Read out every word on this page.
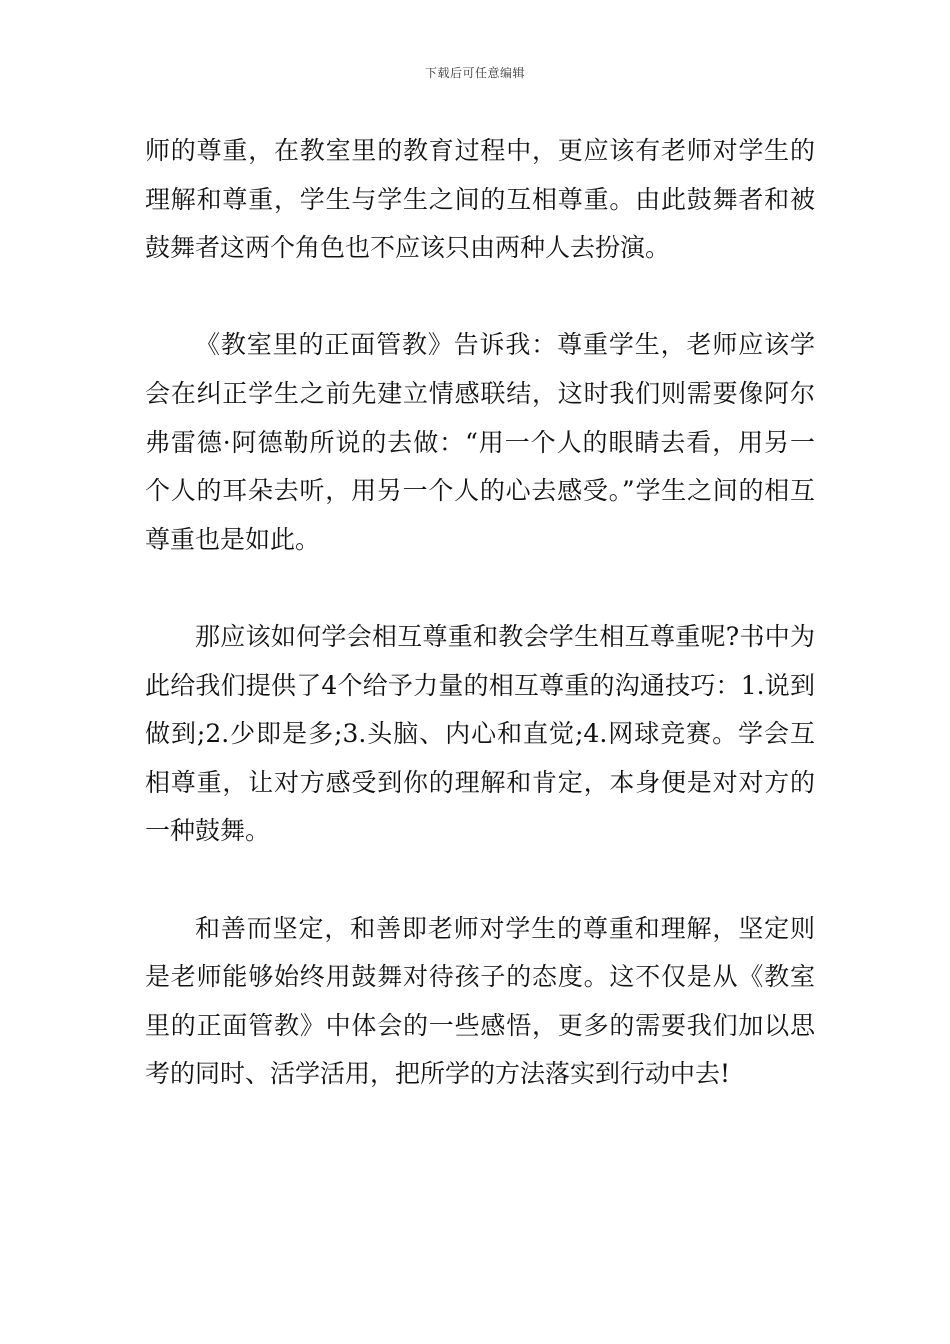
下载后可任意编辑

师的尊重，在教室里的教育过程中，更应该有老师对学生的理解和尊重，学生与学生之间的互相尊重。由此鼓舞者和被鼓舞者这两个角色也不应该只由两种人去扮演。

《教室里的正面管教》告诉我：尊重学生，老师应该学会在纠正学生之前先建立情感联结，这时我们则需要像阿尔弗雷德·阿德勒所说的去做：“用一个人的眼睛去看，用另一个人的耳朵去听，用另一个人的心去感受。”学生之间的相互尊重也是如此。

那应该如何学会相互尊重和教会学生相互尊重呢?书中为此给我们提供了4个给予力量的相互尊重的沟通技巧：1.说到做到;2.少即是多;3.头脑、内心和直觉;4.网球竞赛。学会互相尊重，让对方感受到你的理解和肯定，本身便是对对方的一种鼓舞。

和善而坚定，和善即老师对学生的尊重和理解，坚定则是老师能够始终用鼓舞对待孩子的态度。这不仅是从《教室里的正面管教》中体会的一些感悟，更多的需要我们加以思考的同时、活学活用，把所学的方法落实到行动中去!
